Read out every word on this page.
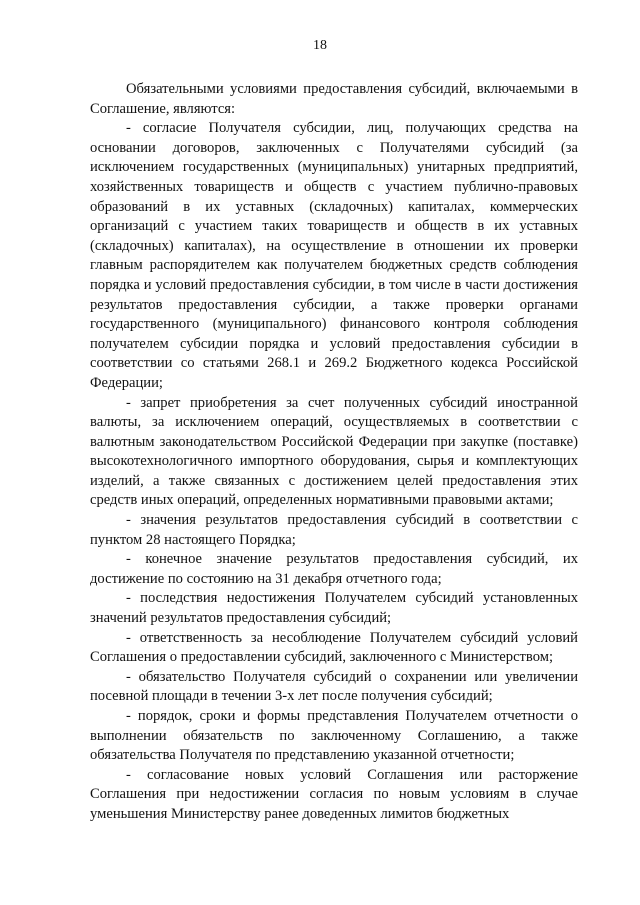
18

Обязательными условиями предоставления субсидий, включаемыми в Соглашение, являются:

- согласие Получателя субсидии, лиц, получающих средства на основании договоров, заключенных с Получателями субсидий (за исключением государственных (муниципальных) унитарных предприятий, хозяйственных товариществ и обществ с участием публично-правовых образований в их уставных (складочных) капиталах, коммерческих организаций с участием таких товариществ и обществ в их уставных (складочных) капиталах), на осуществление в отношении их проверки главным распорядителем как получателем бюджетных средств соблюдения порядка и условий предоставления субсидии, в том числе в части достижения результатов предоставления субсидии, а также проверки органами государственного (муниципального) финансового контроля соблюдения получателем субсидии порядка и условий предоставления субсидии в соответствии со статьями 268.1 и 269.2 Бюджетного кодекса Российской Федерации;

- запрет приобретения за счет полученных субсидий иностранной валюты, за исключением операций, осуществляемых в соответствии с валютным законодательством Российской Федерации при закупке (поставке) высокотехнологичного импортного оборудования, сырья и комплектующих изделий, а также связанных с достижением целей предоставления этих средств иных операций, определенных нормативными правовыми актами;

- значения результатов предоставления субсидий в соответствии с пунктом 28 настоящего Порядка;

- конечное значение результатов предоставления субсидий, их достижение по состоянию на 31 декабря отчетного года;

- последствия недостижения Получателем субсидий установленных значений результатов предоставления субсидий;

- ответственность за несоблюдение Получателем субсидий условий Соглашения о предоставлении субсидий, заключенного с Министерством;

- обязательство Получателя субсидий о сохранении или увеличении посевной площади в течении 3-х лет после получения субсидий;

- порядок, сроки и формы представления Получателем отчетности о выполнении обязательств по заключенному Соглашению, а также обязательства Получателя по представлению указанной отчетности;

- согласование новых условий Соглашения или расторжение Соглашения при недостижении согласия по новым условиям в случае уменьшения Министерству ранее доведенных лимитов бюджетных
